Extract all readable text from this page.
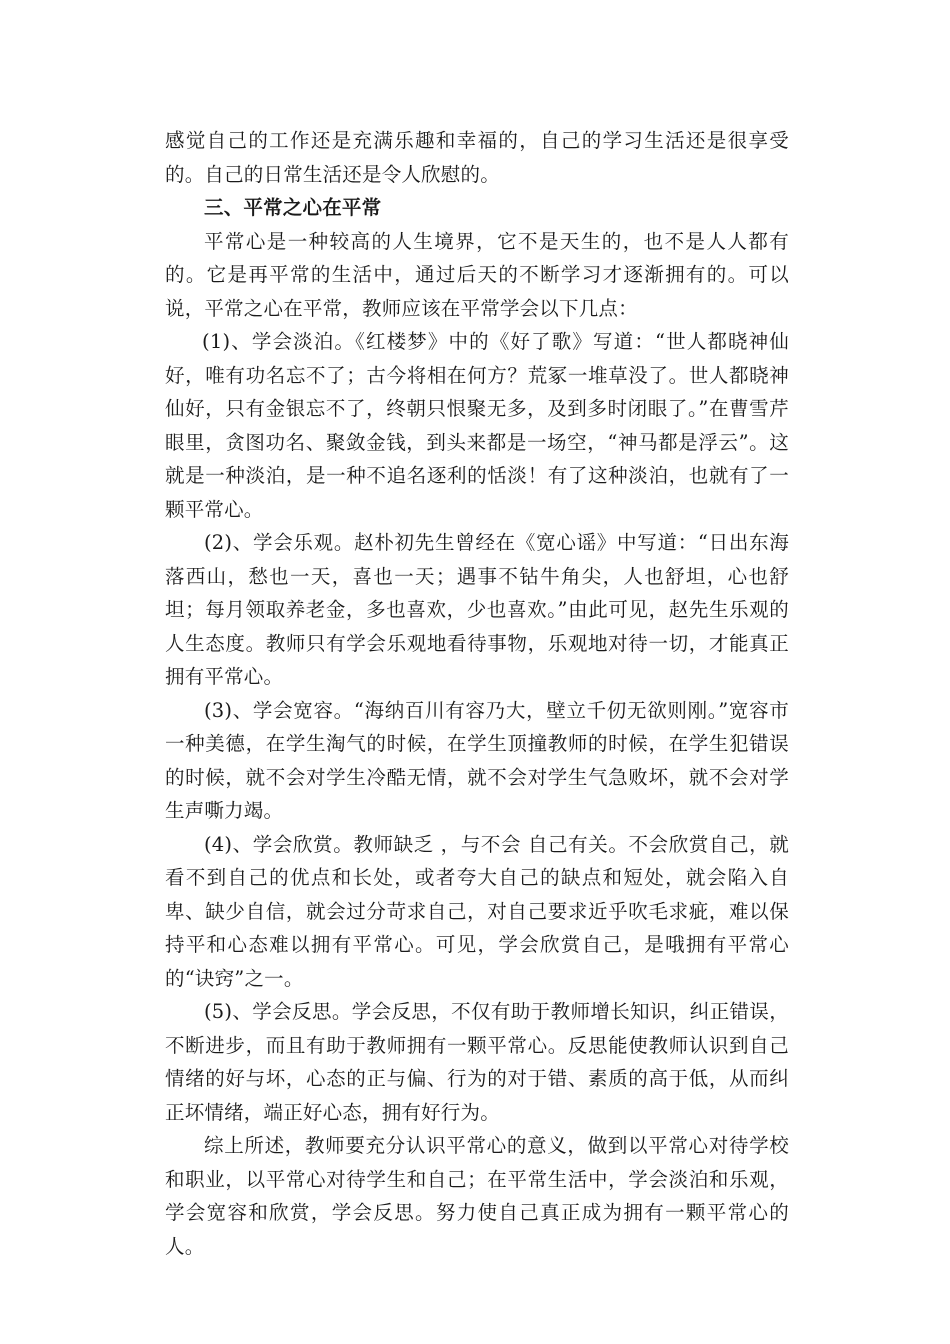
感觉自己的工作还是充满乐趣和幸福的，自己的学习生活还是很享受的。自己的日常生活还是令人欣慰的。

三、平常之心在平常

平常心是一种较高的人生境界，它不是天生的，也不是人人都有的。它是再平常的生活中，通过后天的不断学习才逐渐拥有的。可以说，平常之心在平常，教师应该在平常学会以下几点：

(1)、学会淡泊。《红楼梦》中的《好了歌》写道：“世人都晓神仙好，唯有功名忘不了；古今将相在何方？荒冢一堆草没了。世人都晓神仙好，只有金银忘不了，终朝只恨聚无多，及到多时闭眼了。”在曹雪芹眼里，贪图功名、聚敛金钱，到头来都是一场空，“神马都是浮云”。这就是一种淡泊，是一种不追名逐利的恬淡！有了这种淡泊，也就有了一颗平常心。

(2)、学会乐观。赵朴初先生曾经在《宽心谣》中写道：“日出东海落西山，愁也一天，喜也一天；遇事不钻牛角尖，人也舒坦，心也舒坦；每月领取养老金，多也喜欢，少也喜欢。”由此可见，赵先生乐观的人生态度。教师只有学会乐观地看待事物，乐观地对待一切，才能真正拥有平常心。

(3)、学会宽容。“海纳百川有容乃大，壁立千仞无欲则刚。”宽容市一种美德，在学生淘气的时候，在学生顶撞教师的时候，在学生犯错误的时候，就不会对学生冷酷无情，就不会对学生气急败坏，就不会对学生声嘶力竭。

(4)、学会欣赏。教师缺乏 ，与不会 自己有关。不会欣赏自己，就看不到自己的优点和长处，或者夸大自己的缺点和短处，就会陷入自卑、缺少自信，就会过分苛求自己，对自己要求近乎吹毛求疵，难以保持平和心态难以拥有平常心。可见，学会欣赏自己，是哦拥有平常心的“诀窍”之一。

(5)、学会反思。学会反思，不仅有助于教师增长知识，纠正错误，不断进步，而且有助于教师拥有一颗平常心。反思能使教师认识到自己情绪的好与坏，心态的正与偏、行为的对于错、素质的高于低，从而纠正坏情绪，端正好心态，拥有好行为。

综上所述，教师要充分认识平常心的意义，做到以平常心对待学校和职业，以平常心对待学生和自己；在平常生活中，学会淡泊和乐观，学会宽容和欣赏，学会反思。努力使自己真正成为拥有一颗平常心的人。
